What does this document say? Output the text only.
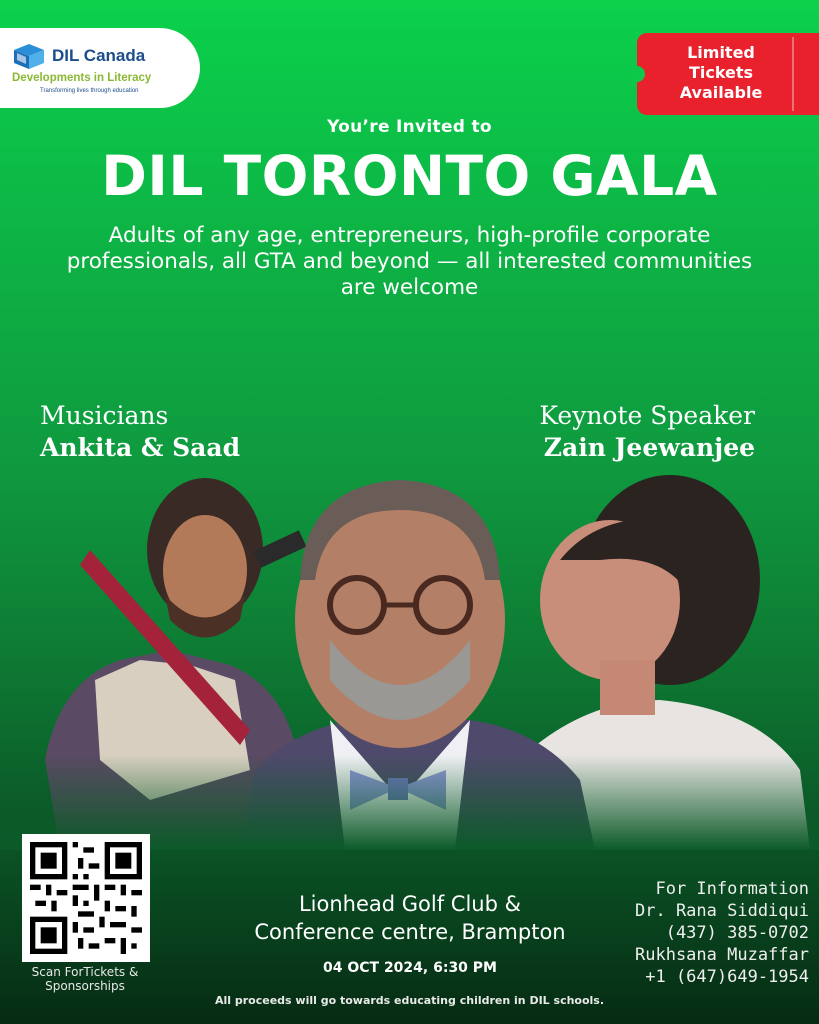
DIL Canada
Developments in Literacy
Transforming lives through education
Limited
Tickets
Available
You’re Invited to
DIL TORONTO GALA
Adults of any age, entrepreneurs, high-profile corporate professionals, all GTA and beyond — all interested communities are welcome
Musicians
Ankita & Saad
Keynote Speaker
Zain Jeewanjee
Scan ForTickets &
Sponsorships
Lionhead Golf Club &
Conference centre, Brampton
04 OCT 2024, 6:30 PM
For Information
Dr. Rana Siddiqui
(437) 385-0702
Rukhsana Muzaffar
+1 (647)649-1954
All proceeds will go towards educating children in DIL schools.
